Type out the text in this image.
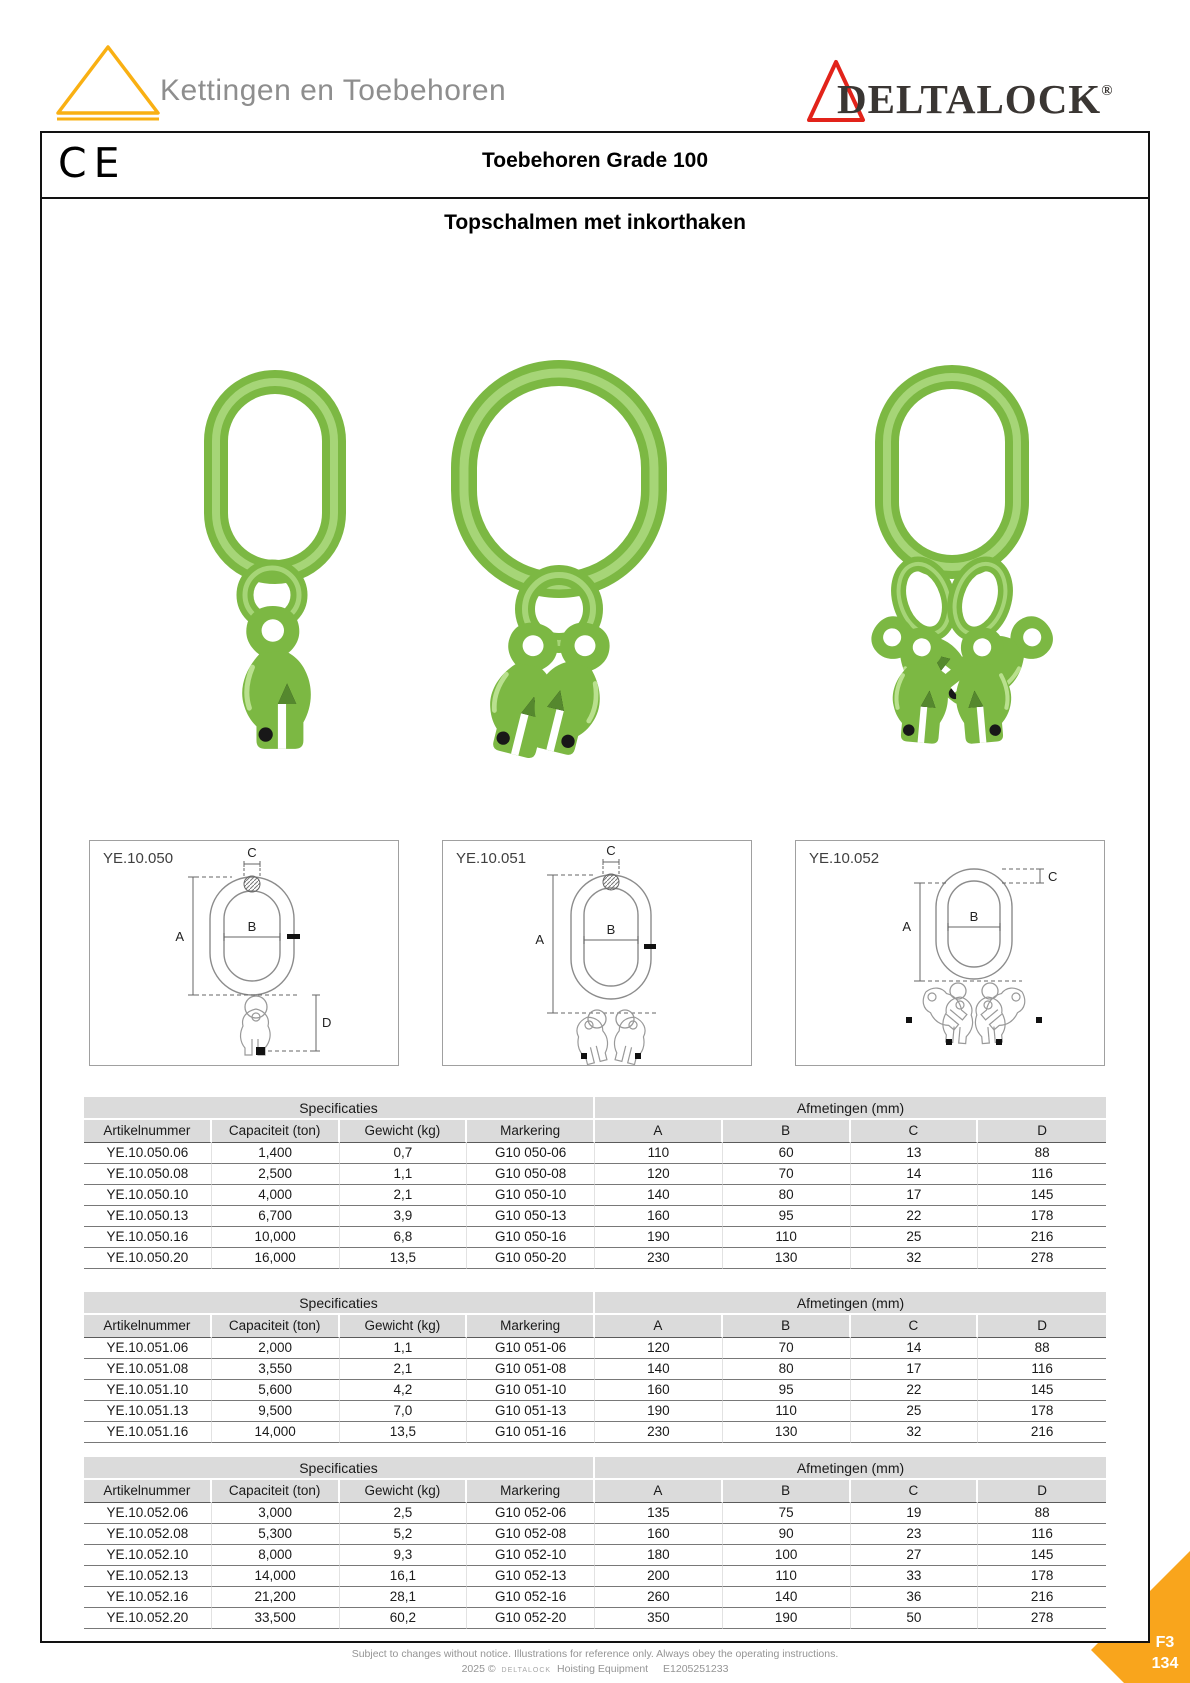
Kettingen en Toebehoren	DELTALOCK®
CE	Toebehoren Grade 100
Topschalmen met inkorthaken
C
A
B
D
YE.10.050	C
A
B
YE.10.051
C
A
B
YE.10.052
Specificaties				Afmetingen (mm)			
Artikelnummer	Capaciteit (ton)	Gewicht (kg)	Markering	A	B	C	D
YE.10.050.06	1,400	0,7	G10 050-06	110	60	13	88
YE.10.050.08	2,500	1,1	G10 050-08	120	70	14	116
YE.10.050.10	4,000	2,1	G10 050-10	140	80	17	145
YE.10.050.13	6,700	3,9	G10 050-13	160	95	22	178
YE.10.050.16	10,000	6,8	G10 050-16	190	110	25	216
YE.10.050.20	16,000	13,5	G10 050-20	230	130	32	278
Specificaties				Afmetingen (mm)			
Artikelnummer	Capaciteit (ton)	Gewicht (kg)	Markering	A	B	C	D
YE.10.051.06	2,000	1,1	G10 051-06	120	70	14	88
YE.10.051.08	3,550	2,1	G10 051-08	140	80	17	116
YE.10.051.10	5,600	4,2	G10 051-10	160	95	22	145
YE.10.051.13	9,500	7,0	G10 051-13	190	110	25	178
YE.10.051.16	14,000	13,5	G10 051-16	230	130	32	216
Specificaties				Afmetingen (mm)			
Artikelnummer	Capaciteit (ton)	Gewicht (kg)	Markering	A	B	C	D
YE.10.052.06	3,000	2,5	G10 052-06	135	75	19	88
YE.10.052.08	5,300	5,2	G10 052-08	160	90	23	116
YE.10.052.10	8,000	9,3	G10 052-10	180	100	27	145
YE.10.052.13	14,000	16,1	G10 052-13	200	110	33	178
YE.10.052.16	21,200	28,1	G10 052-16	260	140	36	216
YE.10.052.20	33,500	60,2	G10 052-20	350	190	50	278
Subject to changes without notice. Illustrations for reference only. Always obey the operating instructions.
2025 © DELTALOCK Hoisting Equipment E1205251233
F3
134
